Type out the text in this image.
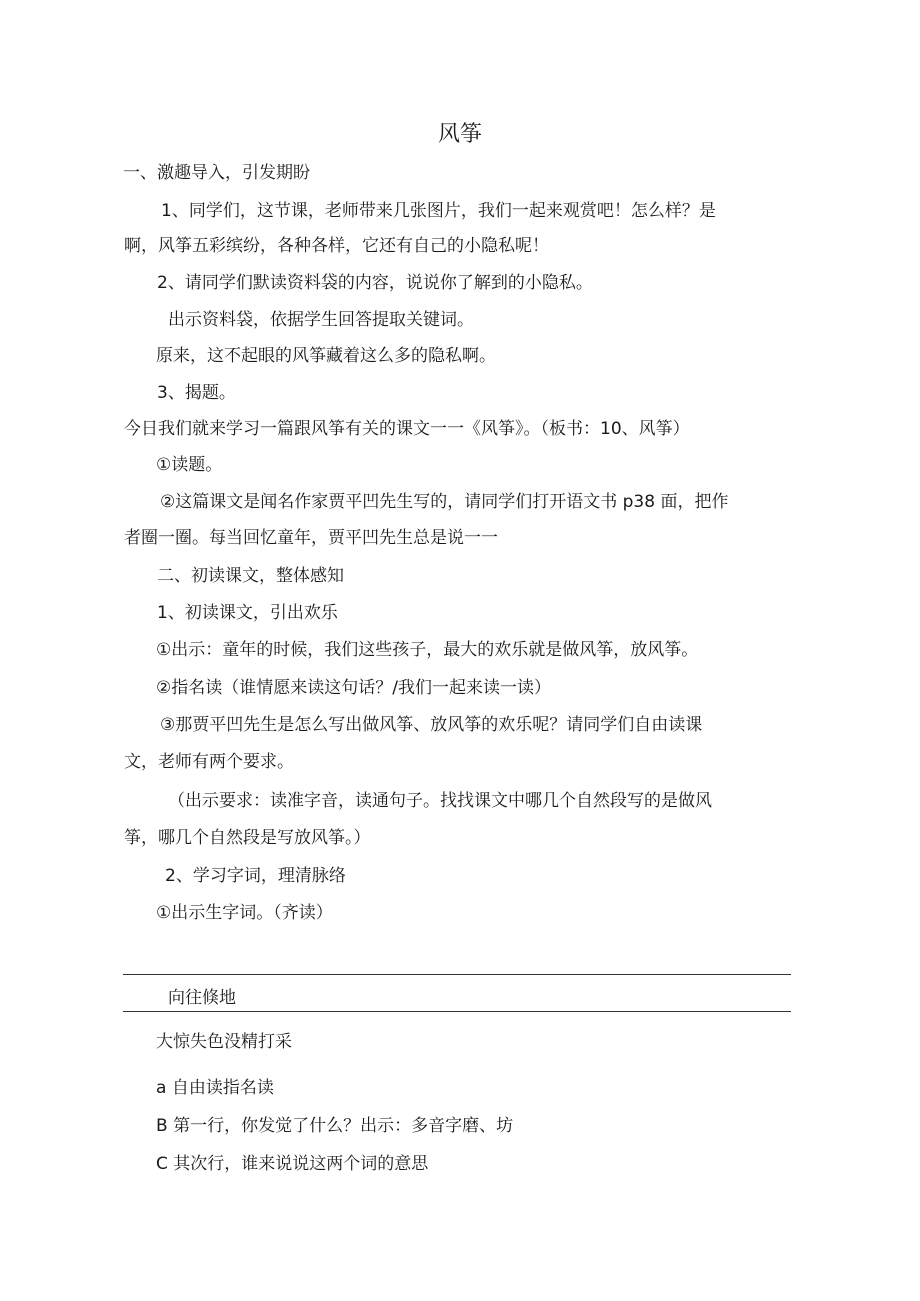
风筝
一、激趣导入，引发期盼
1、同学们，这节课，老师带来几张图片，我们一起来观赏吧！怎么样？是
啊，风筝五彩缤纷，各种各样，它还有自己的小隐私呢！
2、请同学们默读资料袋的内容，说说你了解到的小隐私。
出示资料袋，依据学生回答提取关键词。
原来，这不起眼的风筝藏着这么多的隐私啊。
3、揭题。
今日我们就来学习一篇跟风筝有关的课文一一《风筝》。（板书：10、风筝）
①读题。
②这篇课文是闻名作家贾平凹先生写的，请同学们打开语文书 p38 面，把作
者圈一圈。每当回忆童年，贾平凹先生总是说一一
二、初读课文，整体感知
1、初读课文，引出欢乐
①出示：童年的时候，我们这些孩子，最大的欢乐就是做风筝，放风筝。
②指名读（谁情愿来读这句话？/我们一起来读一读）
③那贾平凹先生是怎么写出做风筝、放风筝的欢乐呢？请同学们自由读课
文，老师有两个要求。
（出示要求：读准字音，读通句子。找找课文中哪几个自然段写的是做风
筝，哪几个自然段是写放风筝。）
2、学习字词，理清脉络
①出示生字词。（齐读）
向往倏地
大惊失色没精打采
a 自由读指名读
B 第一行，你发觉了什么？出示：多音字磨、坊
C 其次行，谁来说说这两个词的意思
